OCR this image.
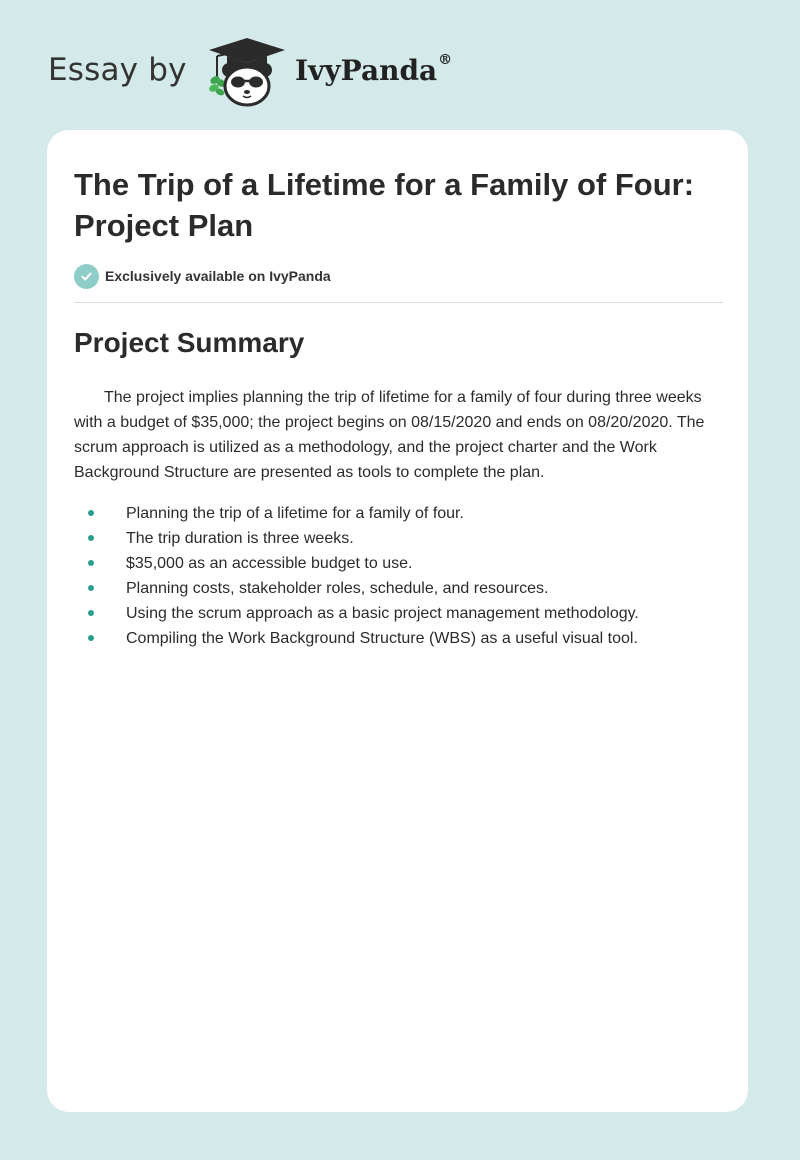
Essay by	IvyPanda®
The Trip of a Lifetime for a Family of Four: Project Plan
Exclusively available on IvyPanda
Project Summary

The project implies planning the trip of lifetime for a family of four during three weeks with a budget of $35,000; the project begins on 08/15/2020 and ends on 08/20/2020. The scrum approach is utilized as a methodology, and the project charter and the Work Background Structure are presented as tools to complete the plan.

Planning the trip of a lifetime for a family of four.
The trip duration is three weeks.
$35,000 as an accessible budget to use.
Planning costs, stakeholder roles, schedule, and resources.
Using the scrum approach as a basic project management methodology.
Compiling the Work Background Structure (WBS) as a useful visual tool.
